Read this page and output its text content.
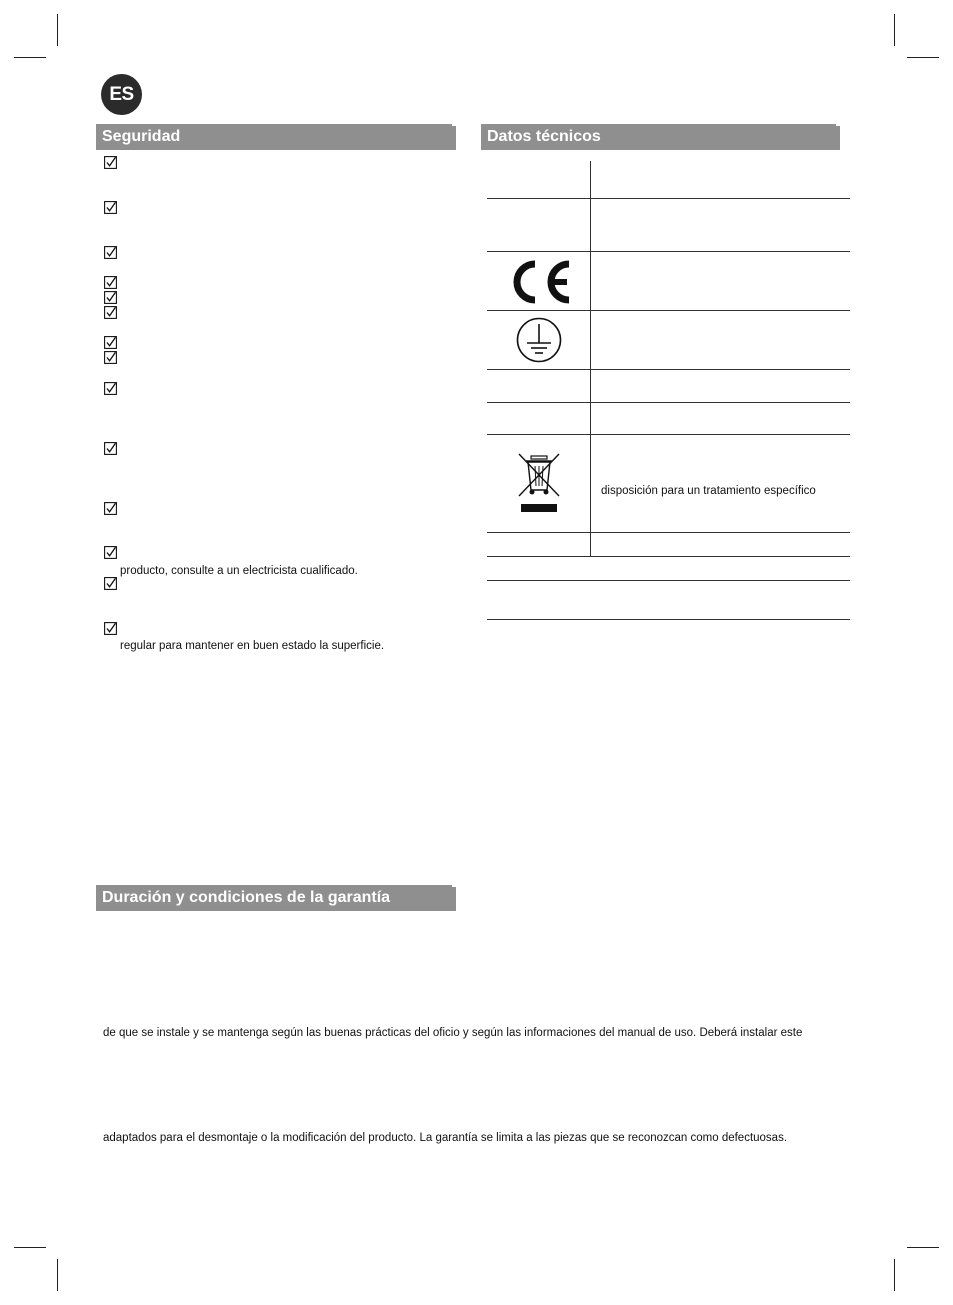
ES
Seguridad	Datos técnicos
Duración y condiciones de la garantía
producto, consulte a un electricista cualificado.
regular para mantener en buen estado la superficie.
disposición para un tratamiento específico
de que se instale y se mantenga según las buenas prácticas del oficio y según las informaciones del manual de uso. Deberá instalar este
adaptados para el desmontaje o la modificación del producto. La garantía se limita a las piezas que se reconozcan como defectuosas.
